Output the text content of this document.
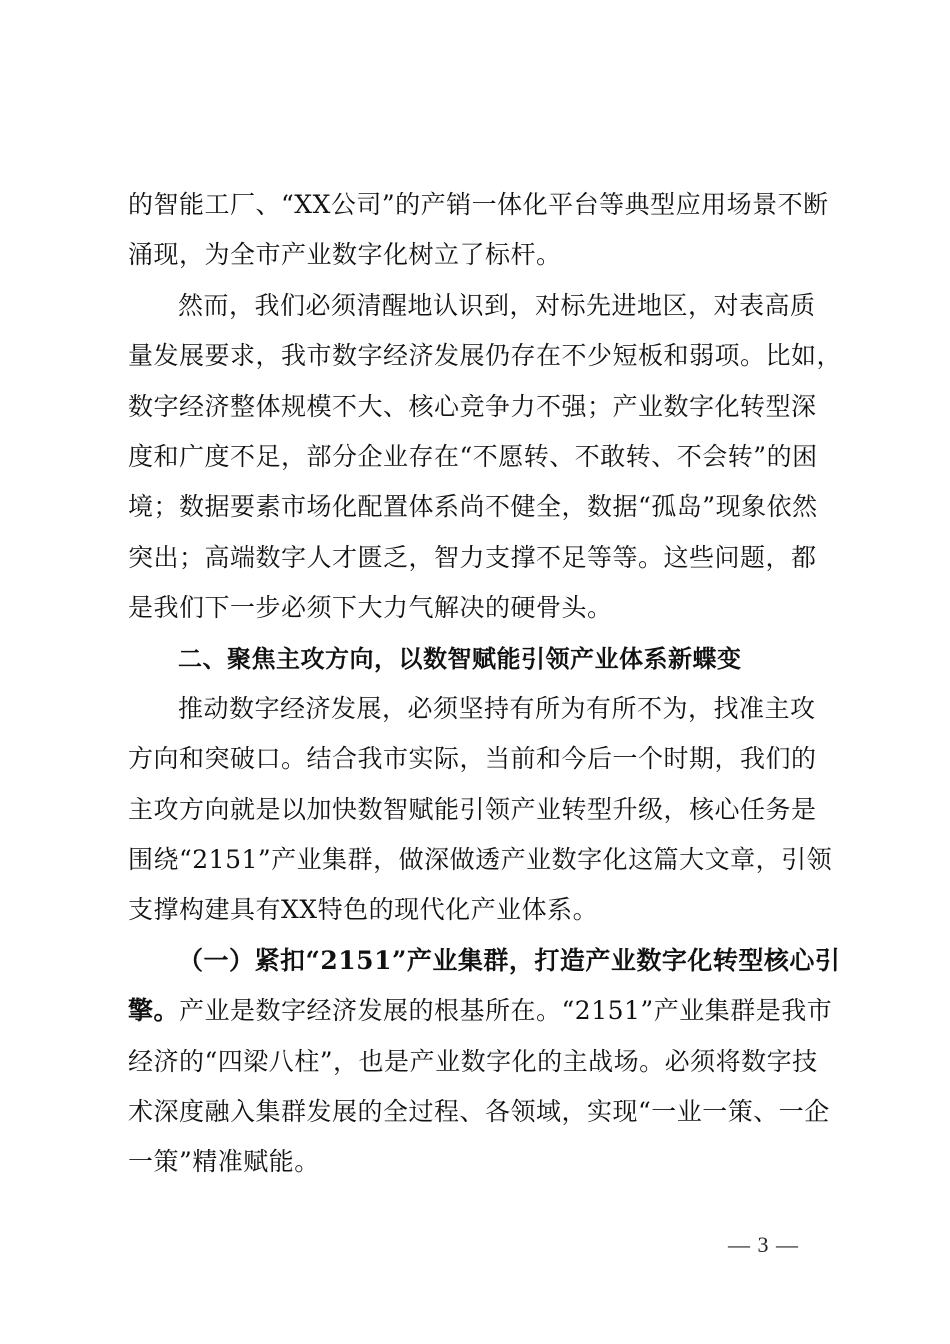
的智能工厂、“XX公司”的产销一体化平台等典型应用场景不断
涌现，为全市产业数字化树立了标杆。
然而，我们必须清醒地认识到，对标先进地区，对表高质
量发展要求，我市数字经济发展仍存在不少短板和弱项。比如，
数字经济整体规模不大、核心竞争力不强；产业数字化转型深
度和广度不足，部分企业存在“不愿转、不敢转、不会转”的困
境；数据要素市场化配置体系尚不健全，数据“孤岛”现象依然
突出；高端数字人才匮乏，智力支撑不足等等。这些问题，都
是我们下一步必须下大力气解决的硬骨头。
二、聚焦主攻方向，以数智赋能引领产业体系新蝶变
推动数字经济发展，必须坚持有所为有所不为，找准主攻
方向和突破口。结合我市实际，当前和今后一个时期，我们的
主攻方向就是以加快数智赋能引领产业转型升级，核心任务是
围绕“2151”产业集群，做深做透产业数字化这篇大文章，引领
支撑构建具有XX特色的现代化产业体系。
（一）紧扣“2151”产业集群，打造产业数字化转型核心引
擎。产业是数字经济发展的根基所在。“2151”产业集群是我市
经济的“四梁八柱”，也是产业数字化的主战场。必须将数字技
术深度融入集群发展的全过程、各领域，实现“一业一策、一企
一策”精准赋能。
— 3 —
